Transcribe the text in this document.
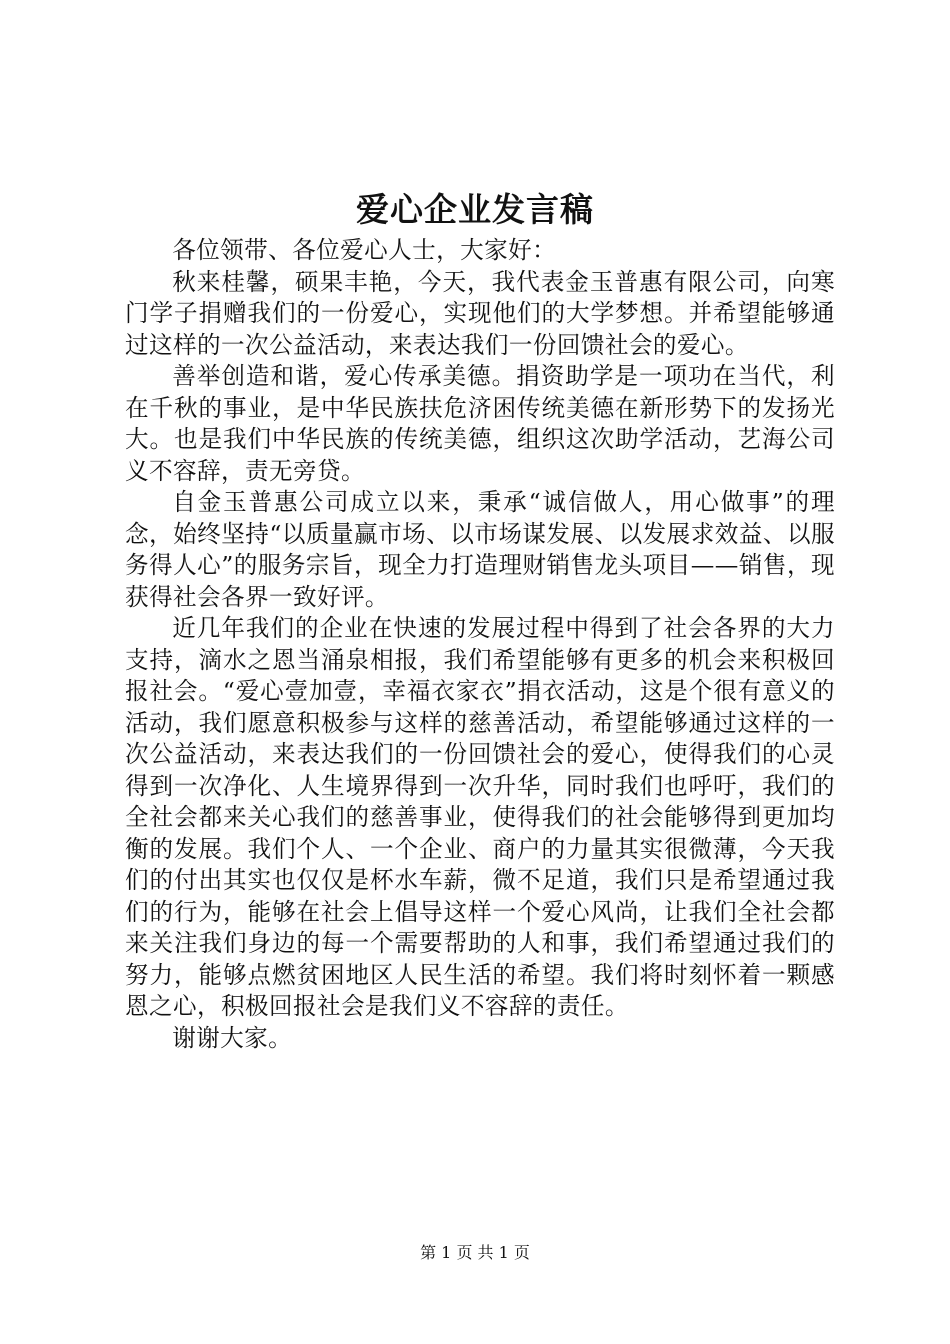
爱心企业发言稿

各位领带、各位爱心人士，大家好：

秋来桂馨，硕果丰艳，今天，我代表金玉普惠有限公司，向寒门学子捐赠我们的一份爱心，实现他们的大学梦想。并希望能够通过这样的一次公益活动，来表达我们一份回馈社会的爱心。

善举创造和谐，爱心传承美德。捐资助学是一项功在当代，利在千秋的事业，是中华民族扶危济困传统美德在新形势下的发扬光大。也是我们中华民族的传统美德，组织这次助学活动，艺海公司义不容辞，责无旁贷。

自金玉普惠公司成立以来，秉承“诚信做人，用心做事”的理念，始终坚持“以质量赢市场、以市场谋发展、以发展求效益、以服务得人心”的服务宗旨，现全力打造理财销售龙头项目——销售，现获得社会各界一致好评。

近几年我们的企业在快速的发展过程中得到了社会各界的大力支持，滴水之恩当涌泉相报，我们希望能够有更多的机会来积极回报社会。“爱心壹加壹，幸福衣家衣”捐衣活动，这是个很有意义的活动，我们愿意积极参与这样的慈善活动，希望能够通过这样的一次公益活动，来表达我们的一份回馈社会的爱心，使得我们的心灵得到一次净化、人生境界得到一次升华，同时我们也呼吁，我们的全社会都来关心我们的慈善事业，使得我们的社会能够得到更加均衡的发展。我们个人、一个企业、商户的力量其实很微薄，今天我们的付出其实也仅仅是杯水车薪，微不足道，我们只是希望通过我们的行为，能够在社会上倡导这样一个爱心风尚，让我们全社会都来关注我们身边的每一个需要帮助的人和事，我们希望通过我们的努力，能够点燃贫困地区人民生活的希望。我们将时刻怀着一颗感恩之心，积极回报社会是我们义不容辞的责任。

谢谢大家。

第 1 页 共 1 页
